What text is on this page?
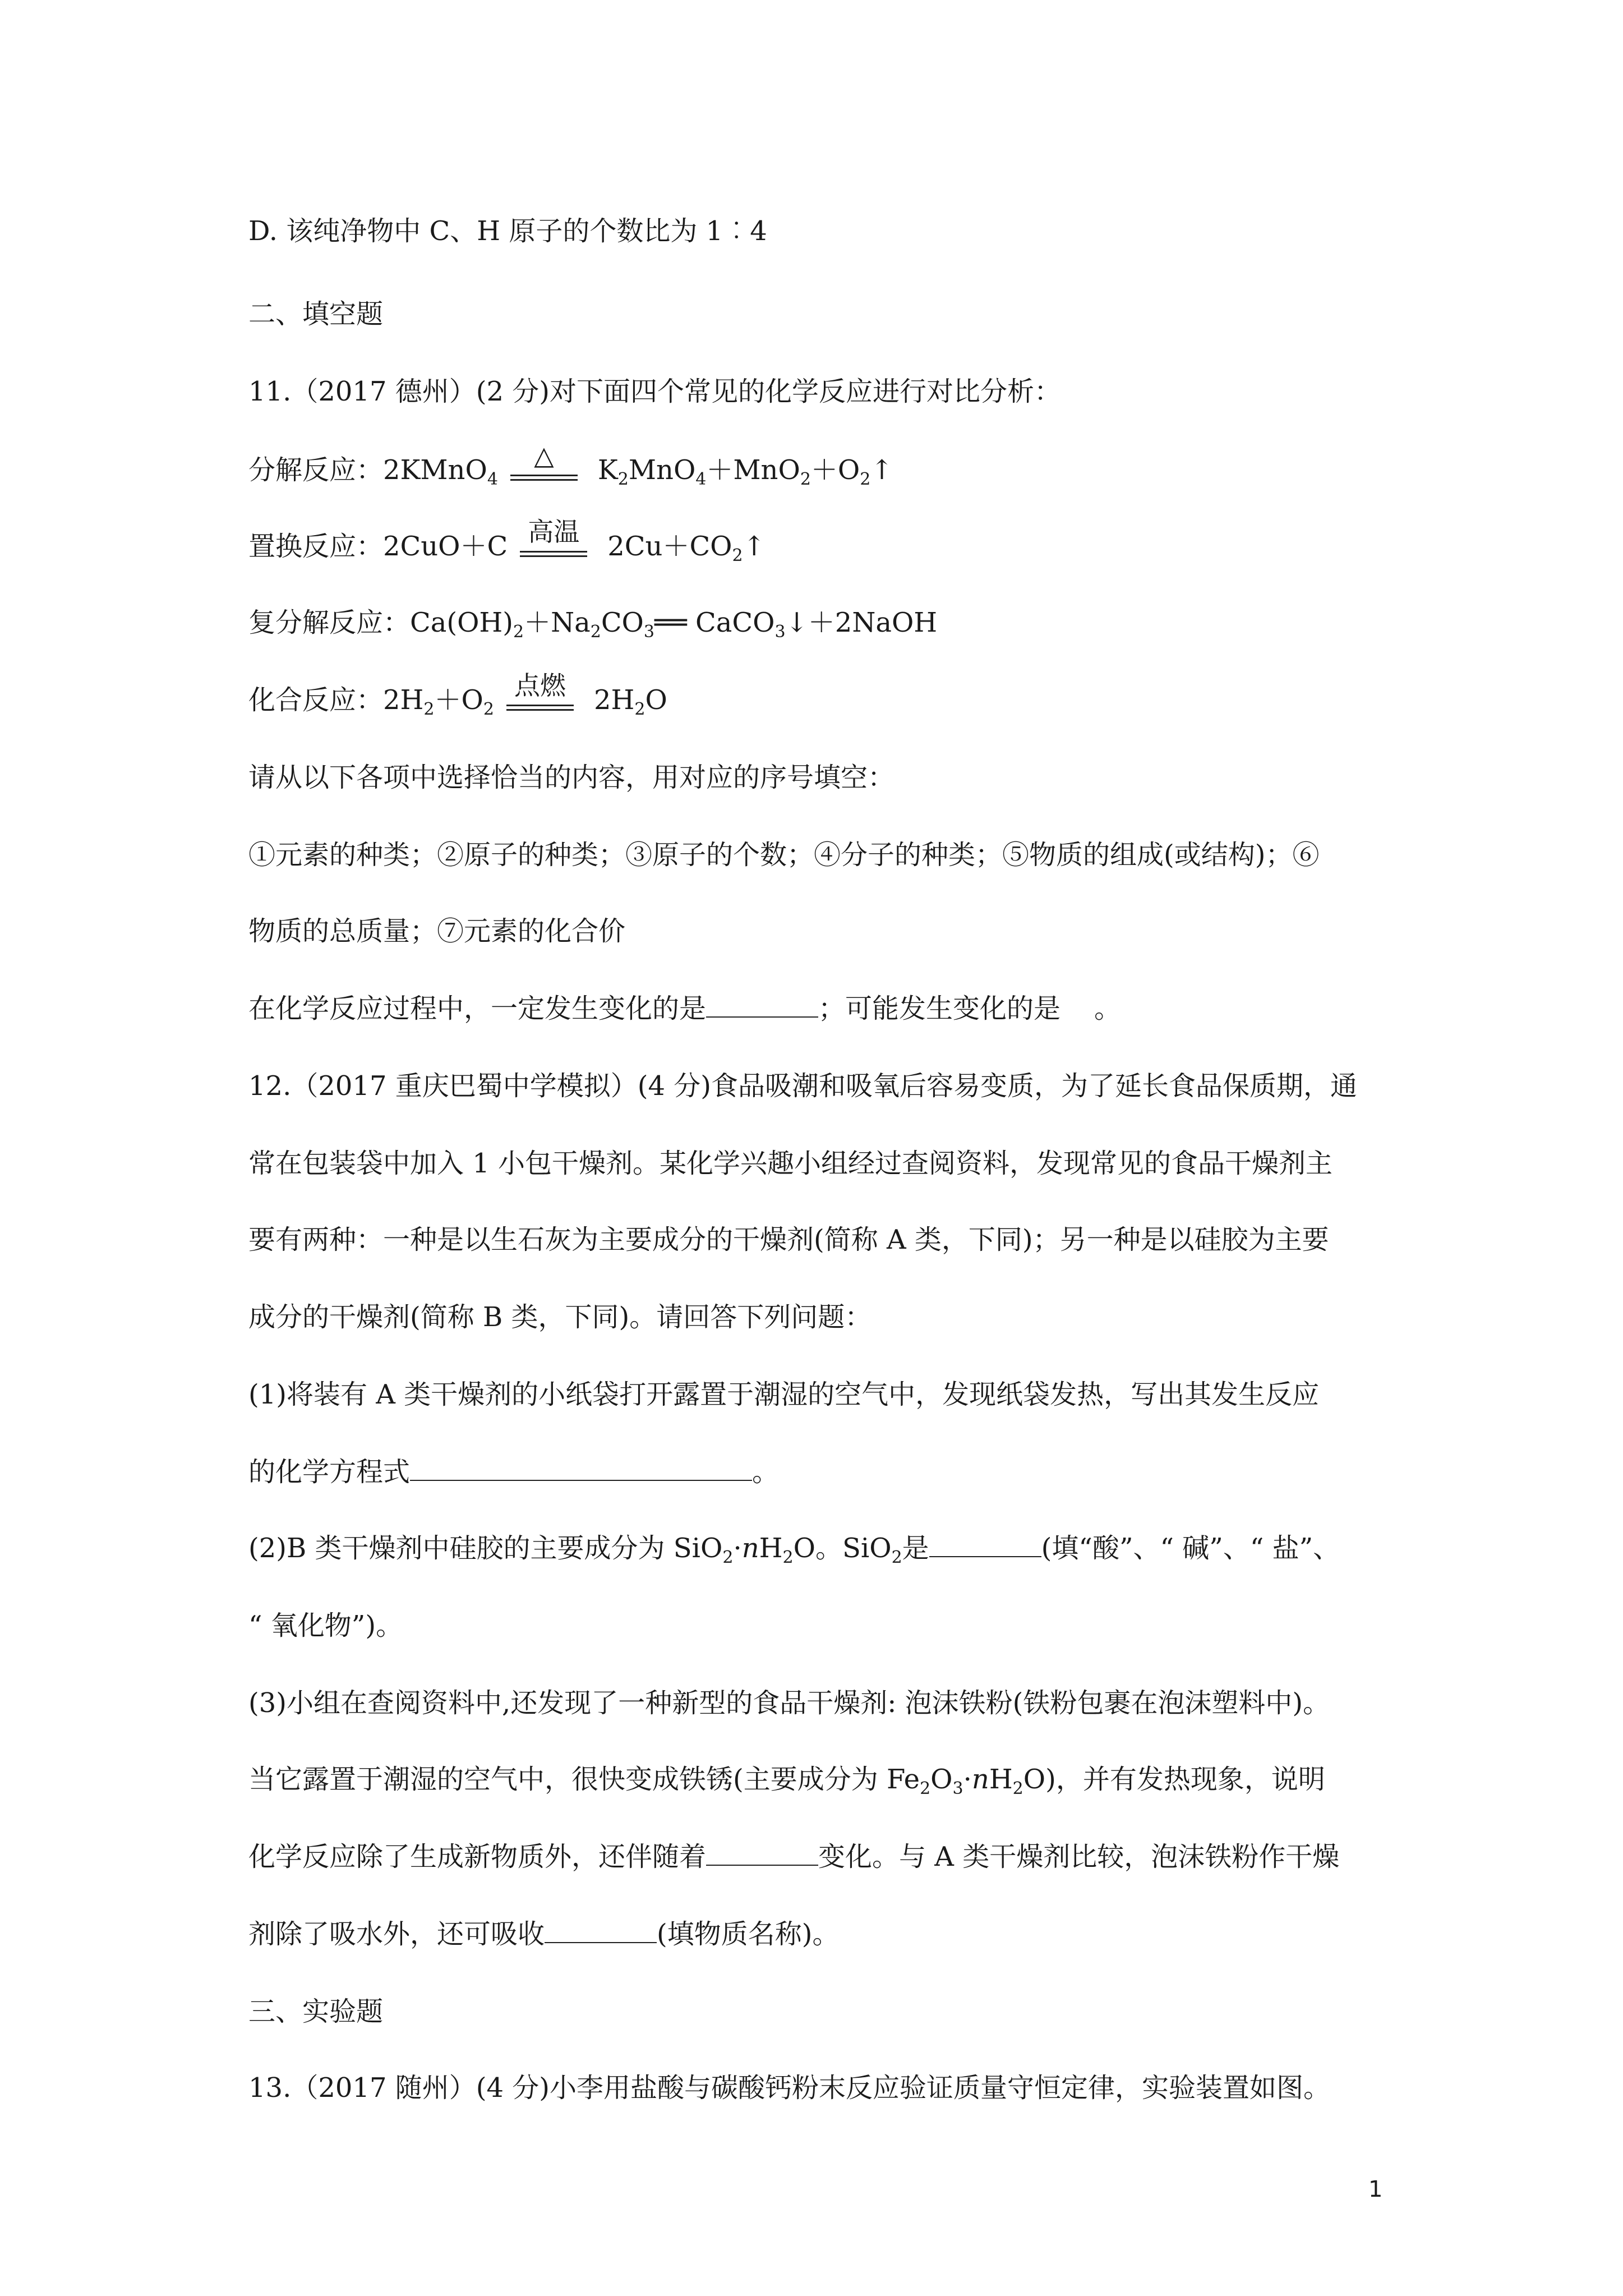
D. 该纯净物中 C、H 原子的个数比为 1︰4
二、填空题
11.（2017 德州）(2 分)对下面四个常见的化学反应进行对比分析：
分解反应：2KMnO$_4$
△	$K_2MnO_4+MnO_2+O_2↑$
置换反应：2CuO＋C 高温 $2Cu+CO_2↑$
复分解反应：$Ca(OH)_2+Na_2CO_3══$ CaCO$_3$↓＋2NaOH
化合反应：$2H_2+O_2$
点燃 $2H_2O$
请从以下各项中选择恰当的内容，用对应的序号填空：
①元素的种类；②原子的种类；③原子的个数；④分子的种类；⑤物质的组成(或结构)；⑥
物质的总质量；⑦元素的化合价
在化学反应过程中，一定发生变化的是	；可能发生变化的是 。
12.（2017 重庆巴蜀中学模拟）(4 分)食品吸潮和吸氧后容易变质，为了延长食品保质期，通
常在包装袋中加入 1 小包干燥剂。某化学兴趣小组经过查阅资料，发现常见的食品干燥剂主
要有两种：一种是以生石灰为主要成分的干燥剂(简称 A 类，下同)；另一种是以硅胶为主要
成分的干燥剂(简称 B 类，下同)。请回答下列问题：
(1)将装有 A 类干燥剂的小纸袋打开露置于潮湿的空气中，发现纸袋发热，写出其发生反应
的化学方程式	。
(2)B 类干燥剂中硅胶的主要成分为 $SiO_2\cdot nH_2O$。SiO$_2$是	(填“酸”、“ 碱”、“ 盐”、
“ 氧化物”)。
(3)小组在查阅资料中,还发现了一种新型的食品干燥剂: 泡沫铁粉(铁粉包裹在泡沫塑料中)。
当它露置于潮湿的空气中，很快变成铁锈(主要成分为 $Fe_2O_3\cdot nH_2O$)，并有发热现象，说明
化学反应除了生成新物质外，还伴随着	变化。与 A 类干燥剂比较，泡沫铁粉作干燥
剂除了吸水外，还可吸收	(填物质名称)。
三、实验题
13.（2017 随州）(4 分)小李用盐酸与碳酸钙粉末反应验证质量守恒定律，实验装置如图。
1
